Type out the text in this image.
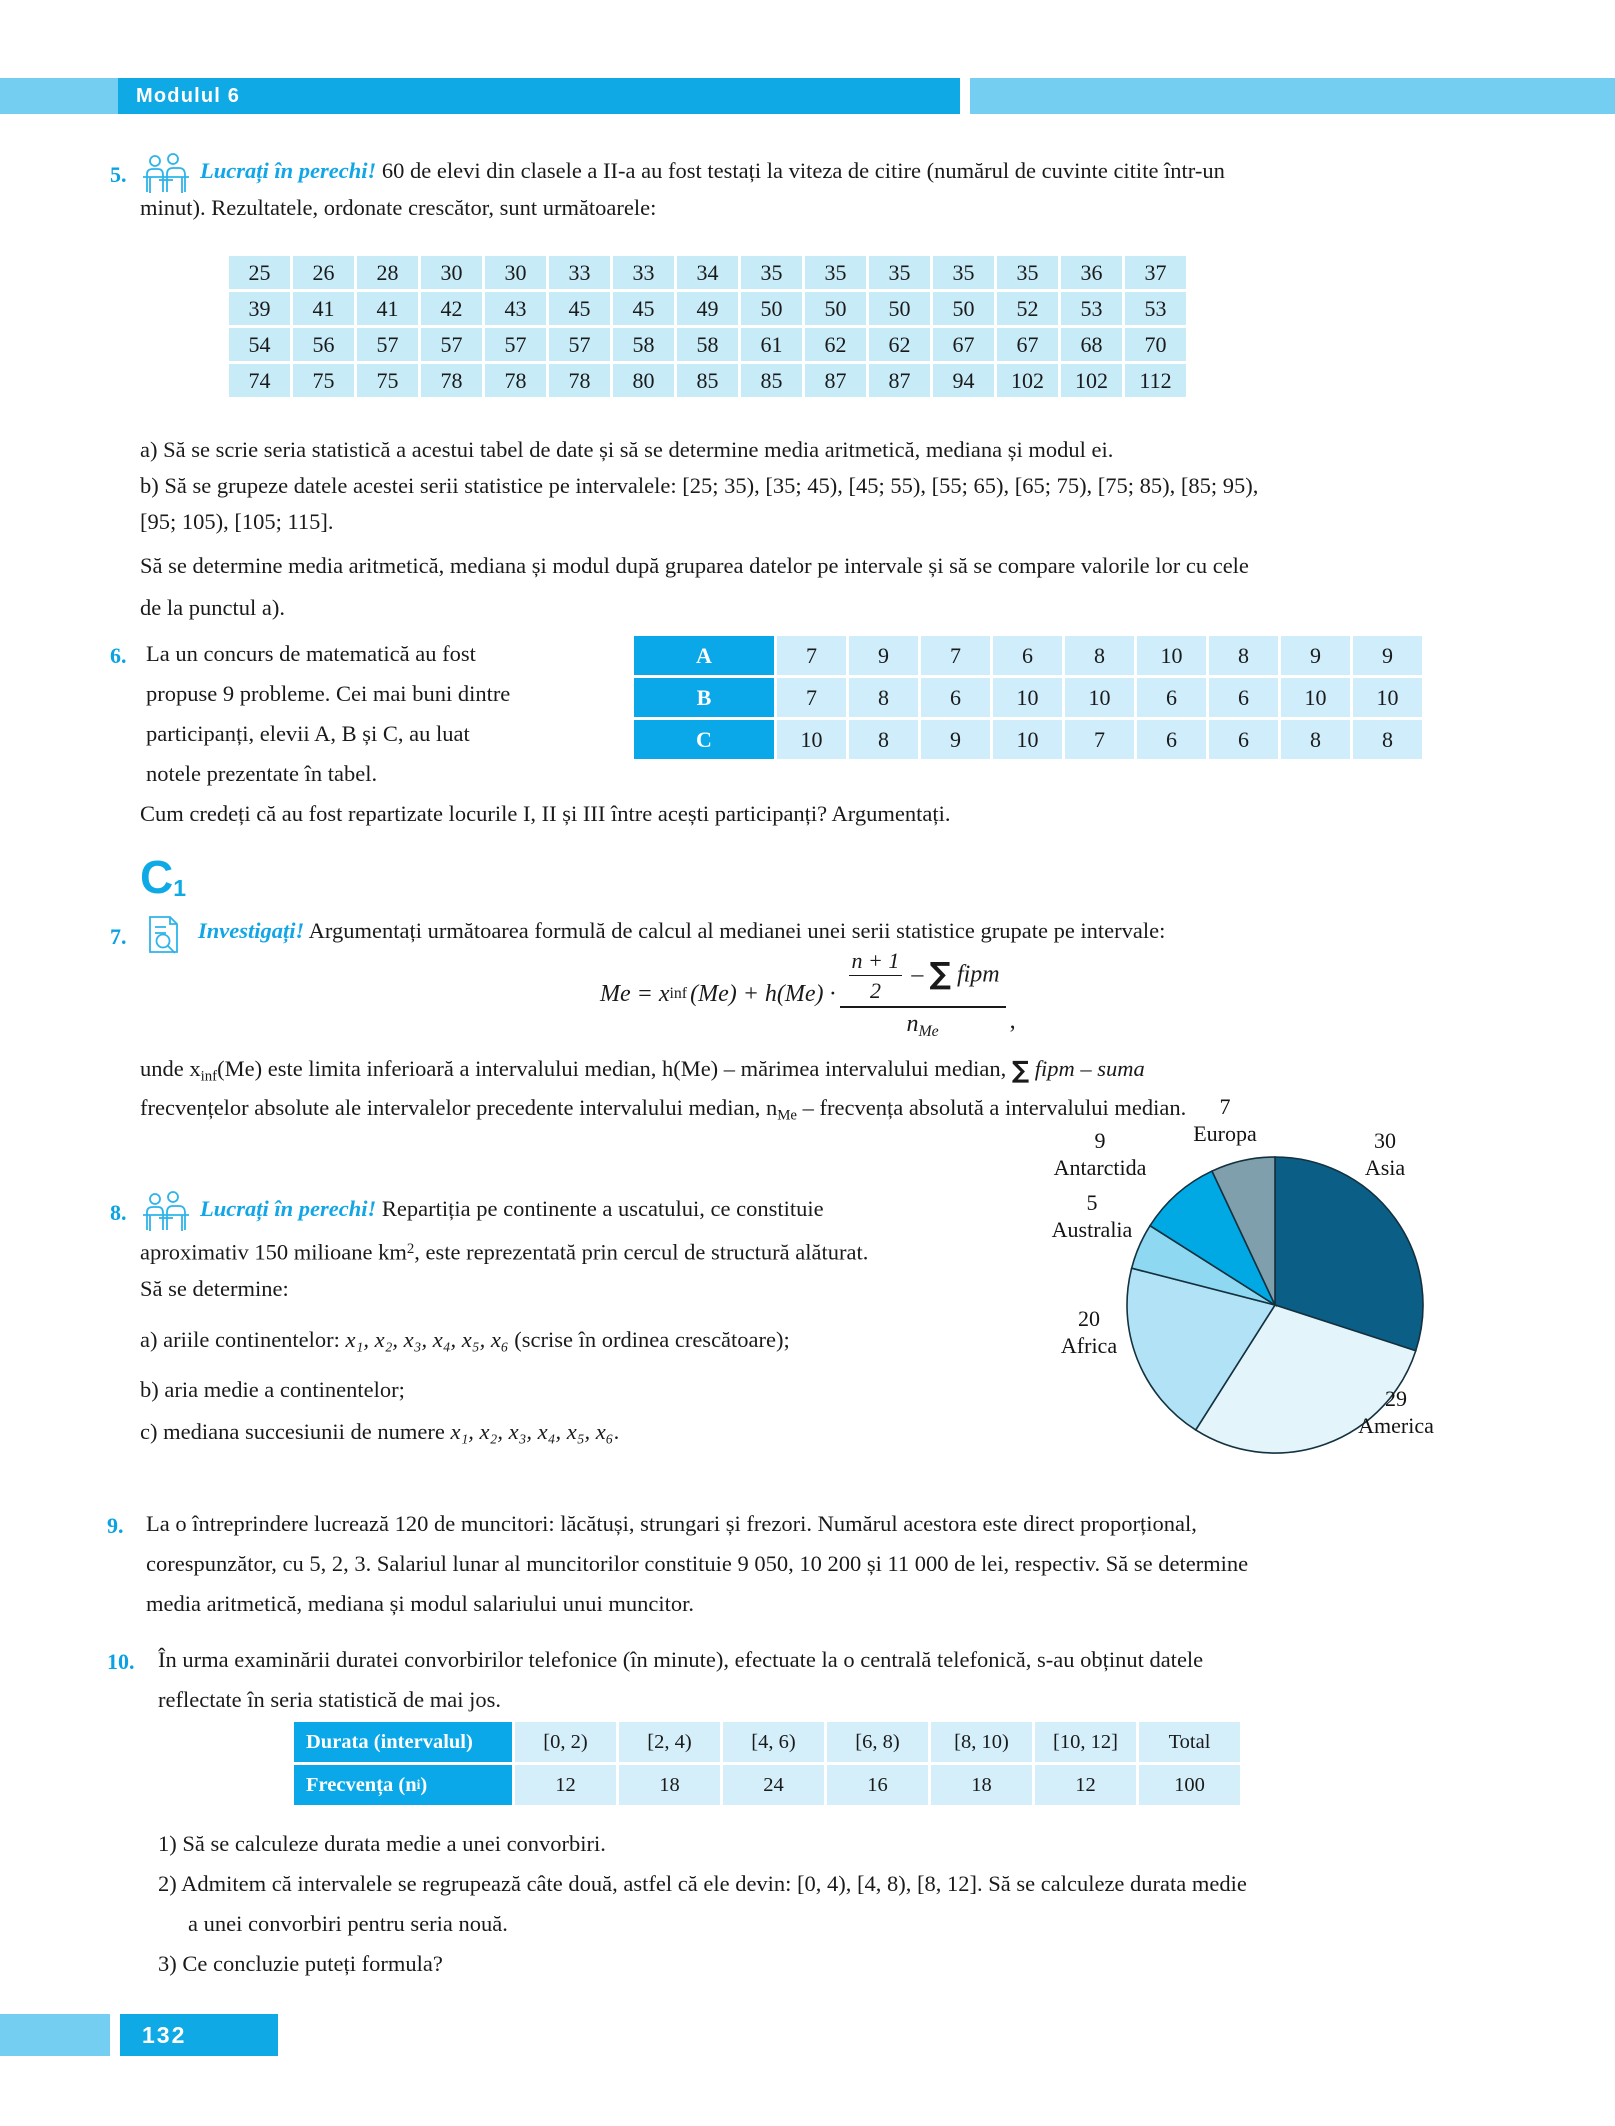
Modulul 6
5.	Lucrați în perechi! 60 de elevi din clasele a II-a au fost testați la viteza de citire (numărul de cuvinte citite într-un
minut). Rezultatele, ordonate crescător, sunt următoarele:
25	26	28	30	30	33	33	34	35	35	35	35	35	36	37
39	41	41	42	43	45	45	49	50	50	50	50	52	53	53
54	56	57	57	57	57	58	58	61	62	62	67	67	68	70
74	75	75	78	78	78	80	85	85	87	87	94	102	102	112
a) Să se scrie seria statistică a acestui tabel de date și să se determine media aritmetică, mediana și modul ei.
b) Să se grupeze datele acestei serii statistice pe intervalele: [25; 35), [35; 45), [45; 55), [55; 65), [65; 75), [75; 85), [85; 95),
[95; 105), [105; 115].
Să se determine media aritmetică, mediana și modul după gruparea datelor pe intervale și să se compare valorile lor cu cele
de la punctul a).
6. La un concurs de matematică au fost
propuse 9 probleme. Cei mai buni dintre
participanți, elevii A, B și C, au luat
notele prezentate în tabel.
Cum credeți că au fost repartizate locurile I, II și III între acești participanți? Argumentați.
A	7	9	7	6	8	10	8	9	9
B	7	8	6	10	10	6	6	10	10
C	10	8	9	10	7	6	6	8	8
$C_1$
7.	Investigați! Argumentați următoarea formulă de calcul al medianei unei serii statistice grupate pe intervale:
Me = x inf $(Me) + h(Me) \cdot \frac{\frac{n + 1}{2} - \sum fipm}{n_{Me}}$ ,
unde $x_{inf}(Me)$ este limita inferioară a intervalului median, h(Me) – mărimea intervalului median, ∑ fipm – suma
frecvențelor absolute ale intervalelor precedente intervalului median, $n_{Me}$ – frecvența absolută a intervalului median.
8.	Lucrați în perechi! Repartiția pe continente a uscatului, ce constituie
aproximativ 150 milioane $km^2$, este reprezentată prin cercul de structură alăturat.
Să se determine:
a) ariile continentelor: x₁, x₂, x₃, x₄, x₅, x₆ (scrise în ordinea crescătoare);
b) aria medie a continentelor;
c) mediana succesiunii de numere x₁, x₂, x₃, x₄, x₅, x₆.
9
Antarctida
7
Europa	30
Asia
5
Australia
20
Africa
29
America
9. La o întreprindere lucrează 120 de muncitori: lăcătuși, strungari și frezori. Numărul acestora este direct proporțional,
corespunzător, cu 5, 2, 3. Salariul lunar al muncitorilor constituie 9 050, 10 200 și 11 000 de lei, respectiv. Să se determine
media aritmetică, mediana și modul salariului unui muncitor.
10. În urma examinării duratei convorbirilor telefonice (în minute), efectuate la o centrală telefonică, s-au obținut datele
reflectate în seria statistică de mai jos.
Durata (intervalul)	[0, 2)	[2, 4)	[4, 6)	[6, 8)	[8, 10)	[10, 12]	Total
Frecvența (n i )	12	18	24	16	18	12	100
1) Să se calculeze durata medie a unei convorbiri.
2) Admitem că intervalele se regrupează câte două, astfel că ele devin: [0, 4), [4, 8), [8, 12]. Să se calculeze durata medie
a unei convorbiri pentru seria nouă.
3) Ce concluzie puteți formula?
132
